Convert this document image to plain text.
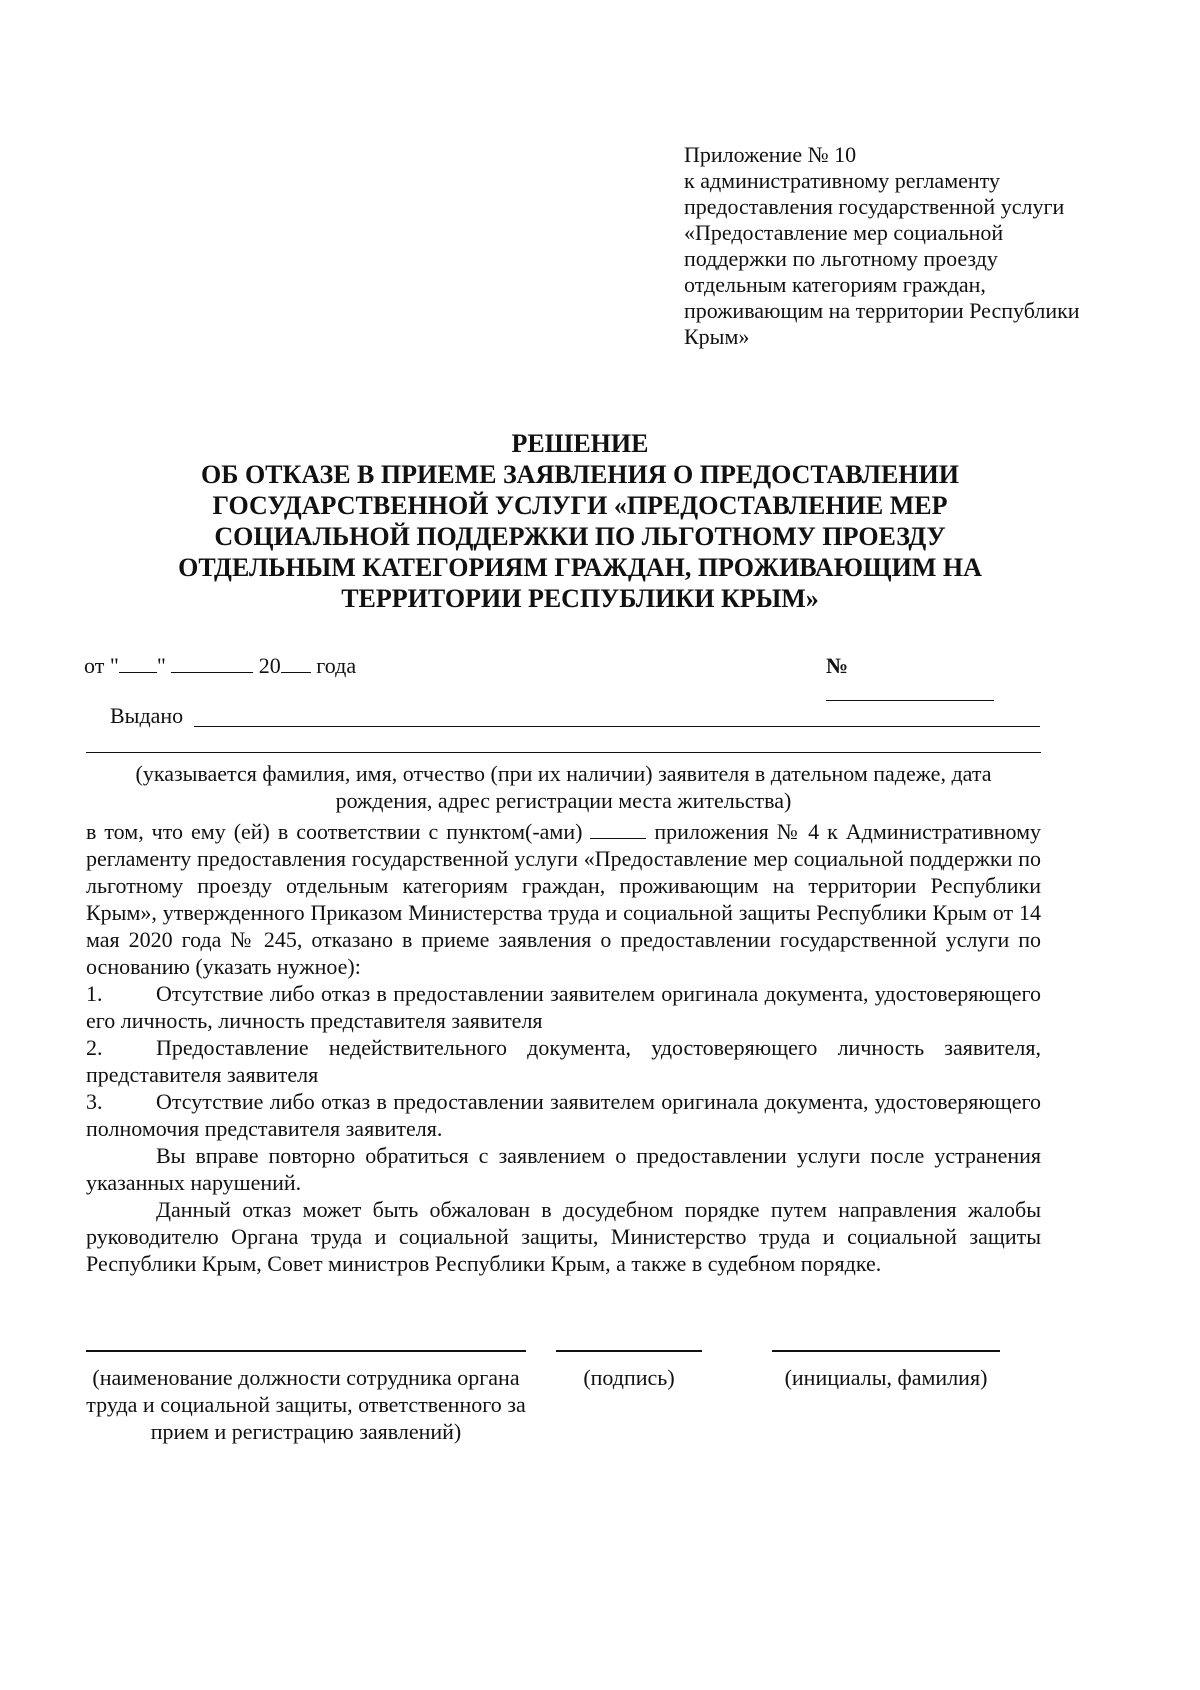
Приложение № 10
к административному регламенту
предоставления государственной услуги
«Предоставление мер социальной
поддержки по льготному проезду
отдельным категориям граждан,
проживающим на территории Республики
Крым»
РЕШЕНИЕ
ОБ ОТКАЗЕ В ПРИЕМЕ ЗАЯВЛЕНИЯ О ПРЕДОСТАВЛЕНИИ
ГОСУДАРСТВЕННОЙ УСЛУГИ «ПРЕДОСТАВЛЕНИЕ МЕР
СОЦИАЛЬНОЙ ПОДДЕРЖКИ ПО ЛЬГОТНОМУ ПРОЕЗДУ
ОТДЕЛЬНЫМ КАТЕГОРИЯМ ГРАЖДАН, ПРОЖИВАЮЩИМ НА
ТЕРРИТОРИИ РЕСПУБЛИКИ КРЫМ»
от " "	20 года	№
Выдано
(указывается фамилия, имя, отчество (при их наличии) заявителя в дательном падеже, дата рождения, адрес регистрации места жительства)

в том, что ему (ей) в соответствии с пунктом(-ами)	приложения № 4 к Административному регламенту предоставления государственной услуги «Предоставление мер социальной поддержки по льготному проезду отдельным категориям граждан, проживающим на территории Республики Крым», утвержденного Приказом Министерства труда и социальной защиты Республики Крым от 14 мая 2020 года № 245, отказано в приеме заявления о предоставлении государственной услуги по основанию (указать нужное):

1. Отсутствие либо отказ в предоставлении заявителем оригинала документа, удостоверяющего его личность, личность представителя заявителя

2. Предоставление недействительного документа, удостоверяющего личность заявителя, представителя заявителя

3. Отсутствие либо отказ в предоставлении заявителем оригинала документа, удостоверяющего полномочия представителя заявителя.

Вы вправе повторно обратиться с заявлением о предоставлении услуги после устранения указанных нарушений.

Данный отказ может быть обжалован в досудебном порядке путем направления жалобы руководителю Органа труда и социальной защиты, Министерство труда и социальной защиты Республики Крым, Совет министров Республики Крым, а также в судебном порядке.

(наименование должности сотрудника органа труда и социальной защиты, ответственного за прием и регистрацию заявлений)
(подпись)	(инициалы, фамилия)
